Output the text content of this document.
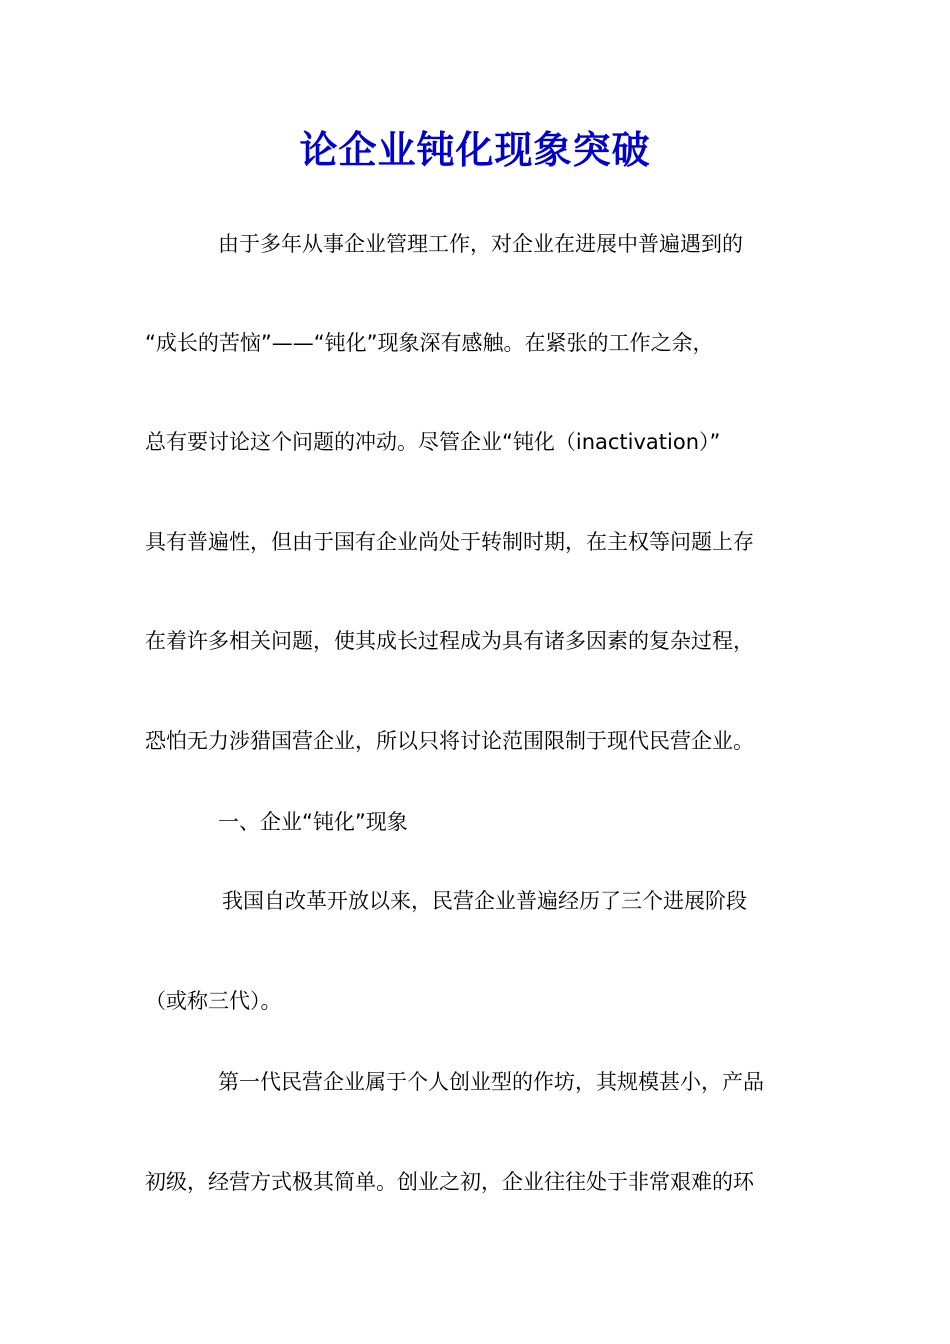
论企业钝化现象突破

由于多年从事企业管理工作，对企业在进展中普遍遇到的

“成长的苦恼”——“钝化”现象深有感触。在紧张的工作之余，

总有要讨论这个问题的冲动。尽管企业“钝化（inactivation）”

具有普遍性，但由于国有企业尚处于转制时期，在主权等问题上存

在着许多相关问题，使其成长过程成为具有诸多因素的复杂过程，

恐怕无力涉猎国营企业，所以只将讨论范围限制于现代民营企业。

一、企业“钝化”现象

我国自改革开放以来，民营企业普遍经历了三个进展阶段

（或称三代）。

第一代民营企业属于个人创业型的作坊，其规模甚小，产品

初级，经营方式极其简单。创业之初，企业往往处于非常艰难的环
